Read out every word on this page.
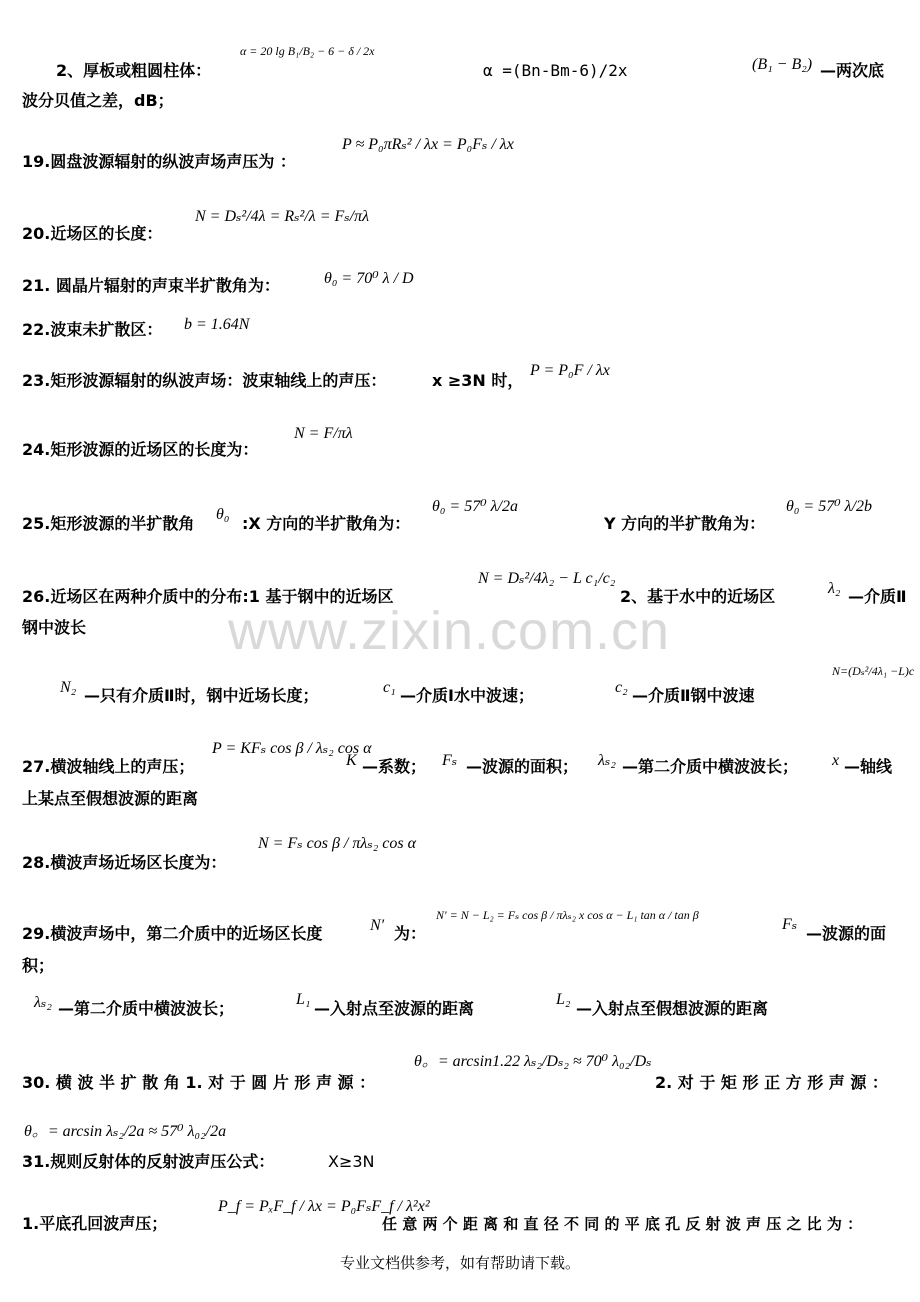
www.zixin.com.cn
2、厚板或粗圆柱体：
α = 20 lg B₁/B₂ − 6 − δ / 2x
α =(Bn-Bm-6)/2x	(B₁ − B₂) —两次底
波分贝值之差，dB；
19.圆盘波源辐射的纵波声场声压为 ：
P ≈ P₀πRₛ² / λx = P₀Fₛ / λx
20.近场区的长度：
N = Dₛ²/4λ = Rₛ²/λ = Fₛ/πλ
21. 圆晶片辐射的声束半扩散角为：	θ₀ = 70⁰ λ / D
22.波束未扩散区： b = 1.64N
23.矩形波源辐射的纵波声场：波束轴线上的声压：	x ≥3N 时，
P = P₀F / λx
24.矩形波源的近场区的长度为：
N = F/πλ
25.矩形波源的半扩散角 θ₀ :X 方向的半扩散角为：
θ₀ = 57⁰ λ/2a
Y 方向的半扩散角为：
θ₀ = 57⁰ λ/2b
26.近场区在两种介质中的分布:1 基于钢中的近场区
N = Dₛ²/4λ₂ − L c₁/c₂
2、基于水中的近场区	λ₂ —介质Ⅱ
钢中波长
N₂ —只有介质Ⅱ时，钢中近场长度；	c₁ —介质Ⅰ水中波速；	c₂ —介质Ⅱ钢中波速
N=(Dₛ²/4λ₁ −L)c
27.横波轴线上的声压；
P = KFₛ cos β / λₛ₂ cos α
K —系数； Fₛ —波源的面积； λₛ₂ —第二介质中横波波长； x —轴线
上某点至假想波源的距离
28.横波声场近场区长度为：
N = Fₛ cos β / πλₛ₂ cos α
29.横波声场中，第二介质中的近场区长度	N′ 为：
N′ = N − L₂ = Fₛ cos β / πλₛ₂ x cos α − L₁ tan α / tan β
Fₛ —波源的面
积；
λₛ₂ —第二介质中横波波长；	L₁ —入射点至波源的距离	L₂ —入射点至假想波源的距离
30. 横 波 半 扩 散 角 1. 对 于 圆 片 形 声 源 ：
θ。= arcsin1.22 λₛ₂/Dₛ₂ ≈ 70⁰ λ₀₂/Dₛ
2. 对 于 矩 形 正 方 形 声 源 ：
θ。= arcsin λₛ₂/2a ≈ 57⁰ λ₀₂/2a
31.规则反射体的反射波声压公式：	X≥3N
1.平底孔回波声压；
P_f = PₓF_f / λx = P₀FₛF_f / λ²x²
任 意 两 个 距 离 和 直 径 不 同 的 平 底 孔 反 射 波 声 压 之 比 为 ：
专业文档供参考，如有帮助请下载。
